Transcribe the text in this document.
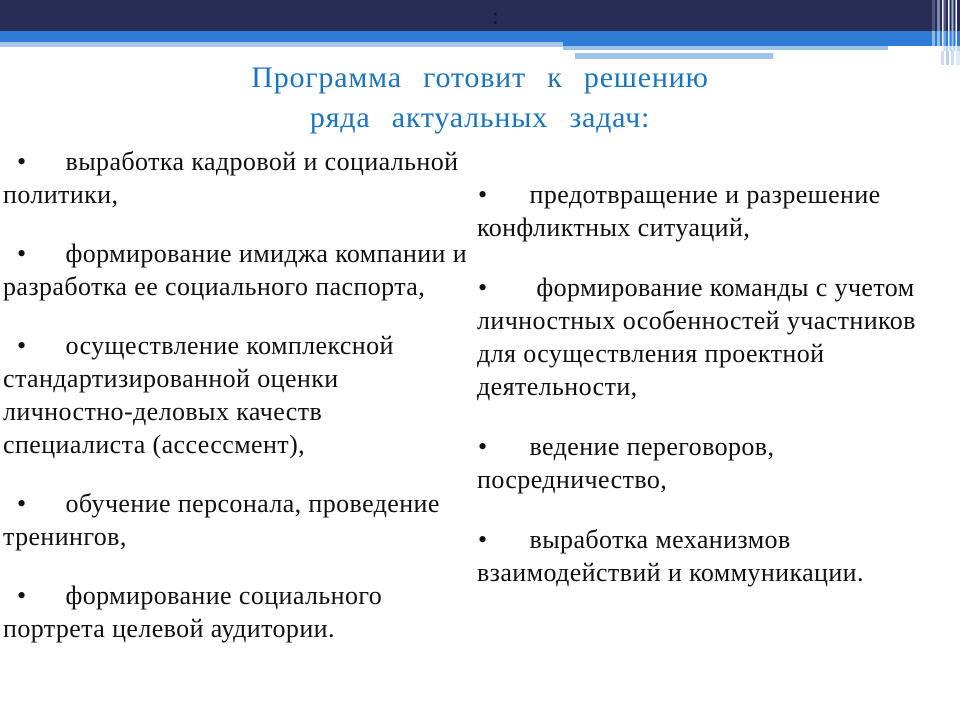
:
Программа готовит к решению
ряда актуальных задач:
• выработка кадровой и социальной
политики,
• формирование имиджа компании и
разработка ее социального паспорта,
• осуществление комплексной
стандартизированной оценки
личностно-деловых качеств
специалиста (ассессмент),
• обучение персонала, проведение
тренингов,
• формирование социального
портрета целевой аудитории.
• предотвращение и разрешение
конфликтных ситуаций,
• формирование команды с учетом
личностных особенностей участников
для осуществления проектной
деятельности,
• ведение переговоров,
посредничество,
• выработка механизмов
взаимодействий и коммуникации.
